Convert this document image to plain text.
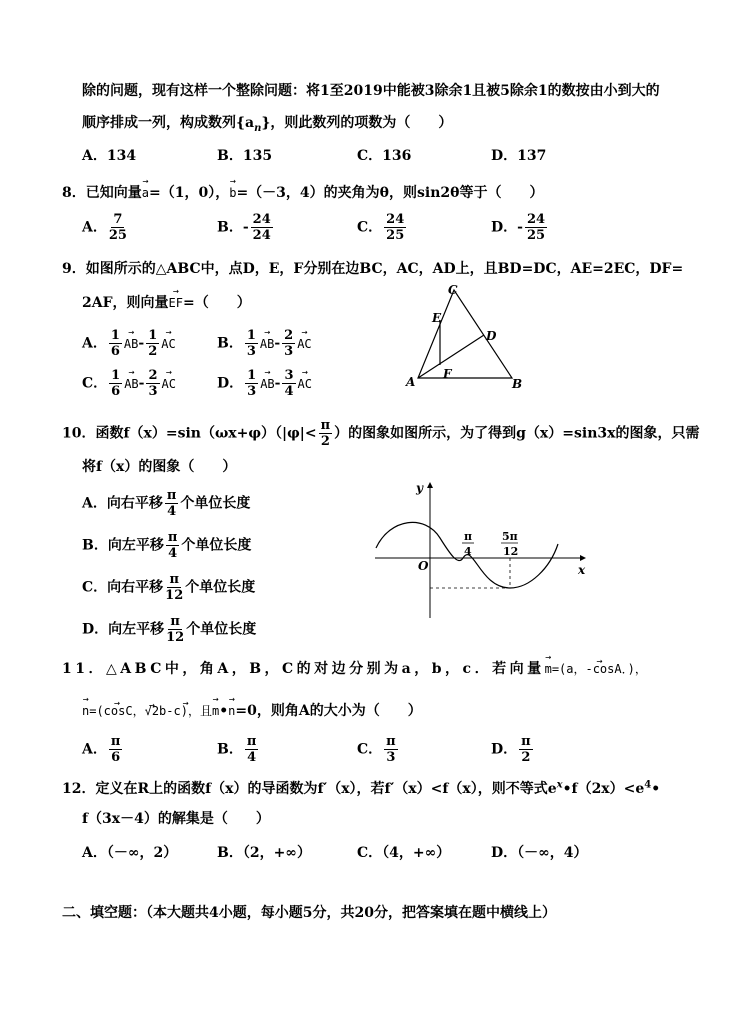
除的问题，现有这样一个整除问题：将1至2019中能被3除余1且被5除余1的数按由小到大的
顺序排成一列，构成数列$\{a_n\}$，则此数列的项数为（　　）
A．134	B．135	C．136	D．137
8．已知向量→ a=（1，0），→ b=（－3，4）的夹角为θ，则sin2θ等于（　　）
A． $\frac{7}{25}$	B．- $\frac{24}{24}$	C． $\frac{24}{25}$	D．- $\frac{24}{25}$
9．如图所示的△ABC中，点D，E，F分别在边BC，AC，AD上，且BD=DC，AE=2EC，DF=
2AF，则向量→ EF=（　　）
A． $\frac{1}{6}$
→ $AB- \frac{1}{2}$
→ AC	B． $\frac{1}{3}$
→ $AB- \frac{2}{3}$
→ AC
C． $\frac{1}{6}$
→ $AB- \frac{2}{3}$
→ AC	D． $\frac{1}{3}$
→ $AB- \frac{3}{4}$
→ AC	A	B
C
D
E
F
10．函数$f(x)=\sin(\omega x+\varphi)(|\varphi|< \frac{\pi}{2}$ ）的图象如图所示，为了得到g（x）=sin3x的图象，只需
将f（x）的图象（　　）
A．向右平移 $\frac{\pi}{4}$ 个单位长度
B．向左平移 $\frac{\pi}{4}$ 个单位长度
C．向右平移 $\frac{\pi}{12}$ 个单位长度
D．向左平移 $\frac{\pi}{12}$ 个单位长度
y
x
O
π
4
5π
12
11．△ABC中，角A，B，C的对边分别为a，b，c．若向量→ m→ =(a，-cosA．)，
→ n→ =(cosC，→ √2→ b-c)，且→ m•→ n=0，则角A的大小为（　　）
A． $\frac{\pi}{6}$	B． $\frac{\pi}{4}$	C． $\frac{\pi}{3}$	D． $\frac{\pi}{2}$
12．定义在R上的函数f（x）的导函数为f′（x），若f′（x）<f（x），则不等式$e^x•f(2x)<e^4•$
f（3x－4）的解集是（　　）
A．（－∞，2）	B．（2，+∞）	C．（4，+∞）	D．（－∞，4）
二、填空题：（本大题共4小题，每小题5分，共20分，把答案填在题中横线上）
